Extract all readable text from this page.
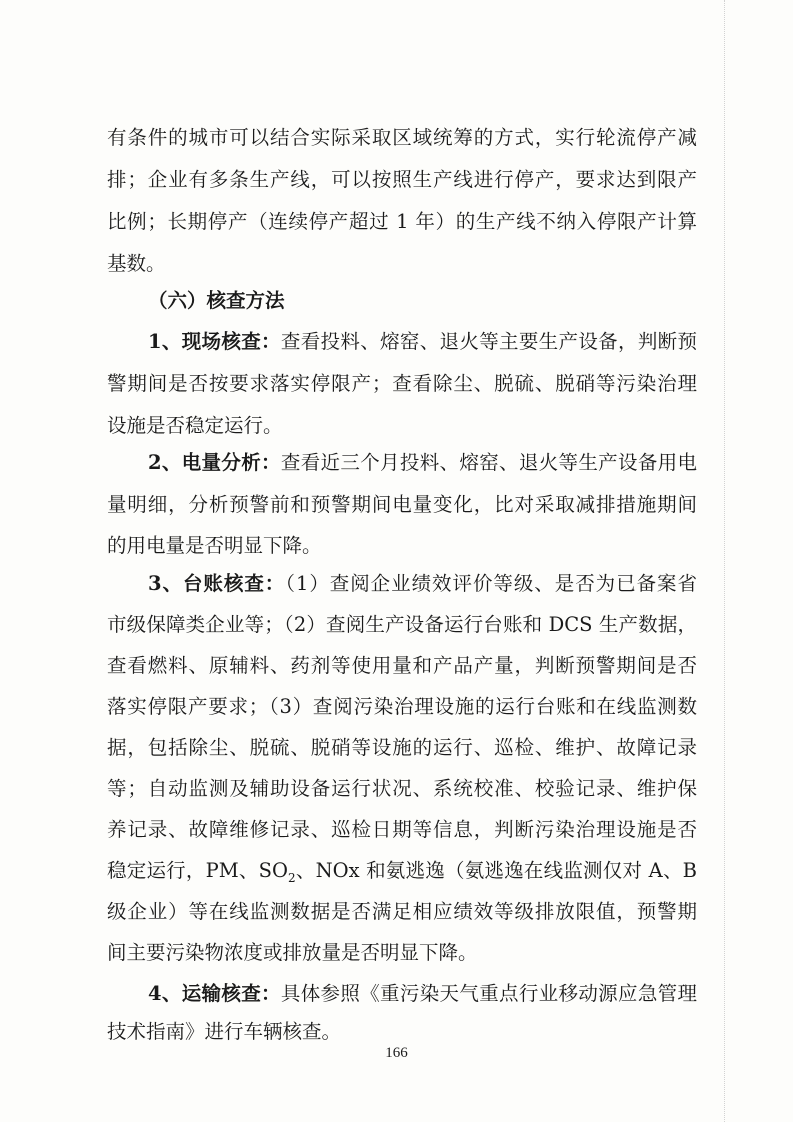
有条件的城市可以结合实际采取区域统筹的方式，实行轮流停产减
排；企业有多条生产线，可以按照生产线进行停产，要求达到限产
比例；长期停产（连续停产超过 1 年）的生产线不纳入停限产计算
基数。
（六）核查方法
1、现场核查：查看投料、熔窑、退火等主要生产设备，判断预
警期间是否按要求落实停限产；查看除尘、脱硫、脱硝等污染治理
设施是否稳定运行。
2、电量分析：查看近三个月投料、熔窑、退火等生产设备用电
量明细，分析预警前和预警期间电量变化，比对采取减排措施期间
的用电量是否明显下降。
3、台账核查：（1）查阅企业绩效评价等级、是否为已备案省
市级保障类企业等；（2）查阅生产设备运行台账和 DCS 生产数据，
查看燃料、原辅料、药剂等使用量和产品产量，判断预警期间是否
落实停限产要求；（3）查阅污染治理设施的运行台账和在线监测数
据，包括除尘、脱硫、脱硝等设施的运行、巡检、维护、故障记录
等；自动监测及辅助设备运行状况、系统校准、校验记录、维护保
养记录、故障维修记录、巡检日期等信息，判断污染治理设施是否
稳定运行，PM、$SO_2$、NOx 和氨逃逸（氨逃逸在线监测仅对 A、B
级企业）等在线监测数据是否满足相应绩效等级排放限值，预警期
间主要污染物浓度或排放量是否明显下降。
4、运输核查：具体参照《重污染天气重点行业移动源应急管理
技术指南》进行车辆核查。
166
